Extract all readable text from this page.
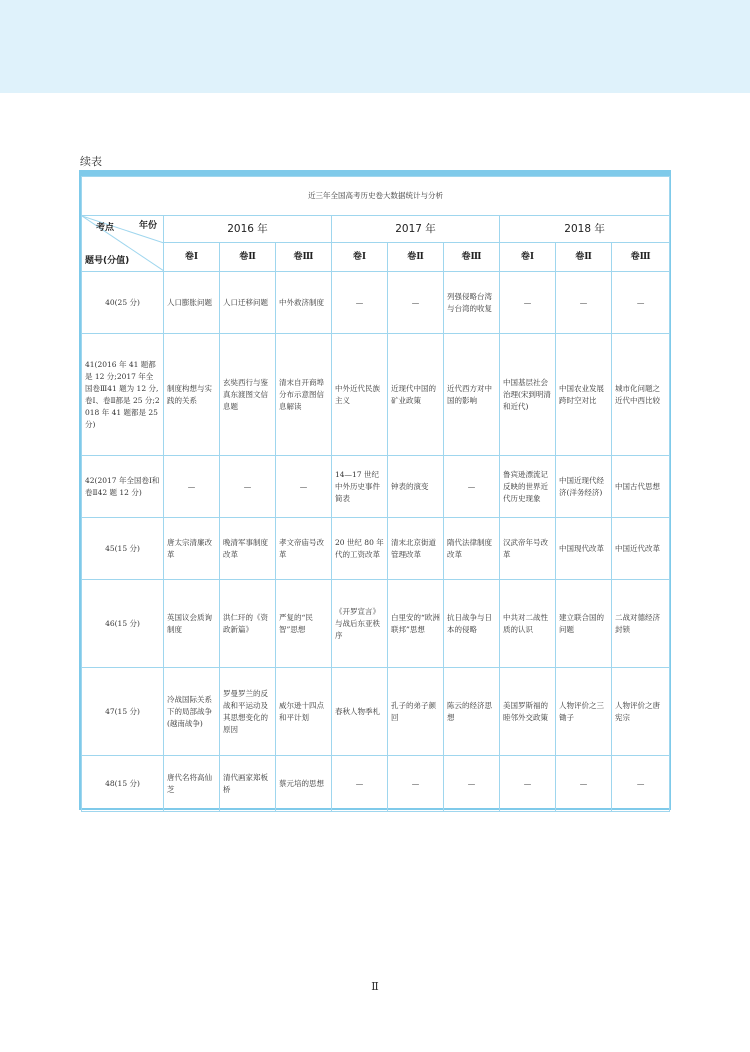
续表
近三年全国高考历史卷大数据统计与分析									

考点 年份
题号(分值)	2016 年			2017 年			2018 年		
	卷Ⅰ	卷Ⅱ	卷Ⅲ	卷Ⅰ	卷Ⅱ	卷Ⅲ	卷Ⅰ	卷Ⅱ	卷Ⅲ
40(25 分)	人口膨胀问题	人口迁移问题	中外救济制度	—	—	列强侵略台湾与台湾的收复	—	—	—
41(2016 年 41 题都是 12 分;2017 年全国卷Ⅲ41 题为 12 分,卷Ⅰ、卷Ⅱ都是 25 分;2018 年 41 题都是 25 分)	制度构想与实践的关系	玄奘西行与鉴真东渡图文信息题	清末自开商埠分布示意图信息解读	中外近代民族主义	近现代中国的矿业政策	近代西方对中国的影响	中国基层社会治理(宋到明清和近代)	中国农业发展跨时空对比	城市化问题之近代中西比较
42(2017 年全国卷Ⅰ和卷Ⅱ42 题 12 分)	—	—	—	14—17 世纪中外历史事件简表	钟表的演变	—	鲁宾逊漂流记反映的世界近代历史现象	中国近现代经济(洋务经济)	中国古代思想
45(15 分)	唐太宗清廉改革	晚清军事制度改革	孝文帝庙号改革	20 世纪 80 年代的工资改革	清末北京街道管理改革	隋代法律制度改革	汉武帝年号改革	中国现代改革	中国近代改革
46(15 分)	英国议会质询制度	洪仁玕的《资政新篇》	严复的“民智”思想	《开罗宣言》与战后东亚秩序	白里安的“欧洲联邦”思想	抗日战争与日本的侵略	中共对二战性质的认识	建立联合国的问题	二战对德经济封锁
47(15 分)	冷战国际关系下的局部战争(越南战争)	罗曼罗兰的反战和平运动及其思想变化的原因	威尔逊十四点和平计划	春秋人物季札	孔子的弟子颜回	陈云的经济思想	美国罗斯福的睦邻外交政策	人物评价之三锄子	人物评价之唐宪宗
48(15 分)	唐代名将高仙芝	清代画家郑板桥	蔡元培的思想	—	—	—	—	—	—
Ⅱ
